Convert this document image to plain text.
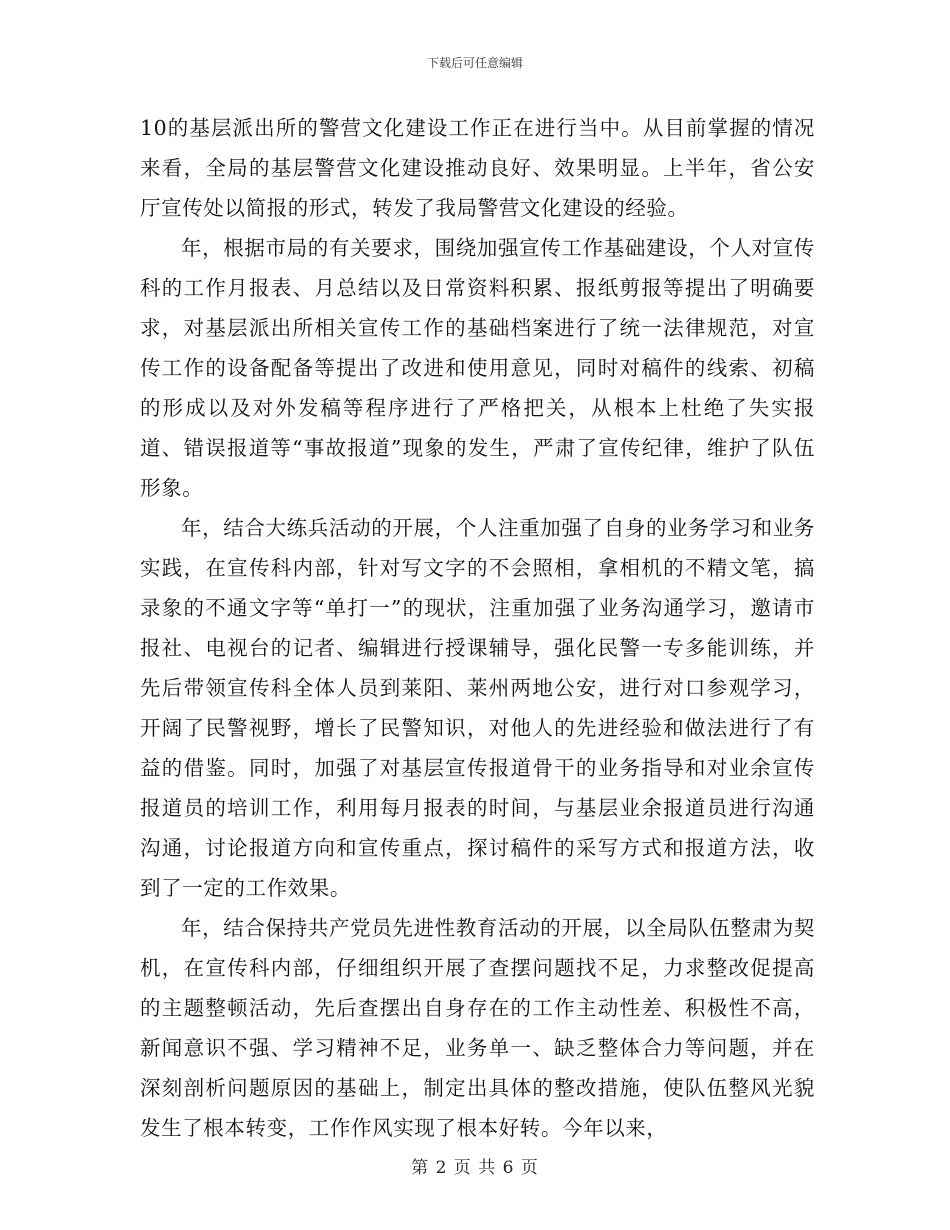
下载后可任意编辑

10的基层派出所的警营文化建设工作正在进行当中。从目前掌握的情况来看，全局的基层警营文化建设推动良好、效果明显。上半年，省公安厅宣传处以简报的形式，转发了我局警营文化建设的经验。

年，根据市局的有关要求，围绕加强宣传工作基础建设，个人对宣传科的工作月报表、月总结以及日常资料积累、报纸剪报等提出了明确要求，对基层派出所相关宣传工作的基础档案进行了统一法律规范，对宣传工作的设备配备等提出了改进和使用意见，同时对稿件的线索、初稿的形成以及对外发稿等程序进行了严格把关，从根本上杜绝了失实报道、错误报道等“事故报道”现象的发生，严肃了宣传纪律，维护了队伍形象。

年，结合大练兵活动的开展，个人注重加强了自身的业务学习和业务实践，在宣传科内部，针对写文字的不会照相，拿相机的不精文笔，搞录象的不通文字等“单打一”的现状，注重加强了业务沟通学习，邀请市报社、电视台的记者、编辑进行授课辅导，强化民警一专多能训练，并先后带领宣传科全体人员到莱阳、莱州两地公安，进行对口参观学习，开阔了民警视野，增长了民警知识，对他人的先进经验和做法进行了有益的借鉴。同时，加强了对基层宣传报道骨干的业务指导和对业余宣传报道员的培训工作，利用每月报表的时间，与基层业余报道员进行沟通沟通，讨论报道方向和宣传重点，探讨稿件的采写方式和报道方法，收到了一定的工作效果。

年，结合保持共产党员先进性教育活动的开展，以全局队伍整肃为契机，在宣传科内部，仔细组织开展了查摆问题找不足，力求整改促提高的主题整顿活动，先后查摆出自身存在的工作主动性差、积极性不高，新闻意识不强、学习精神不足，业务单一、缺乏整体合力等问题，并在深刻剖析问题原因的基础上，制定出具体的整改措施，使队伍整风光貌发生了根本转变，工作作风实现了根本好转。今年以来，

第 2 页 共 6 页
